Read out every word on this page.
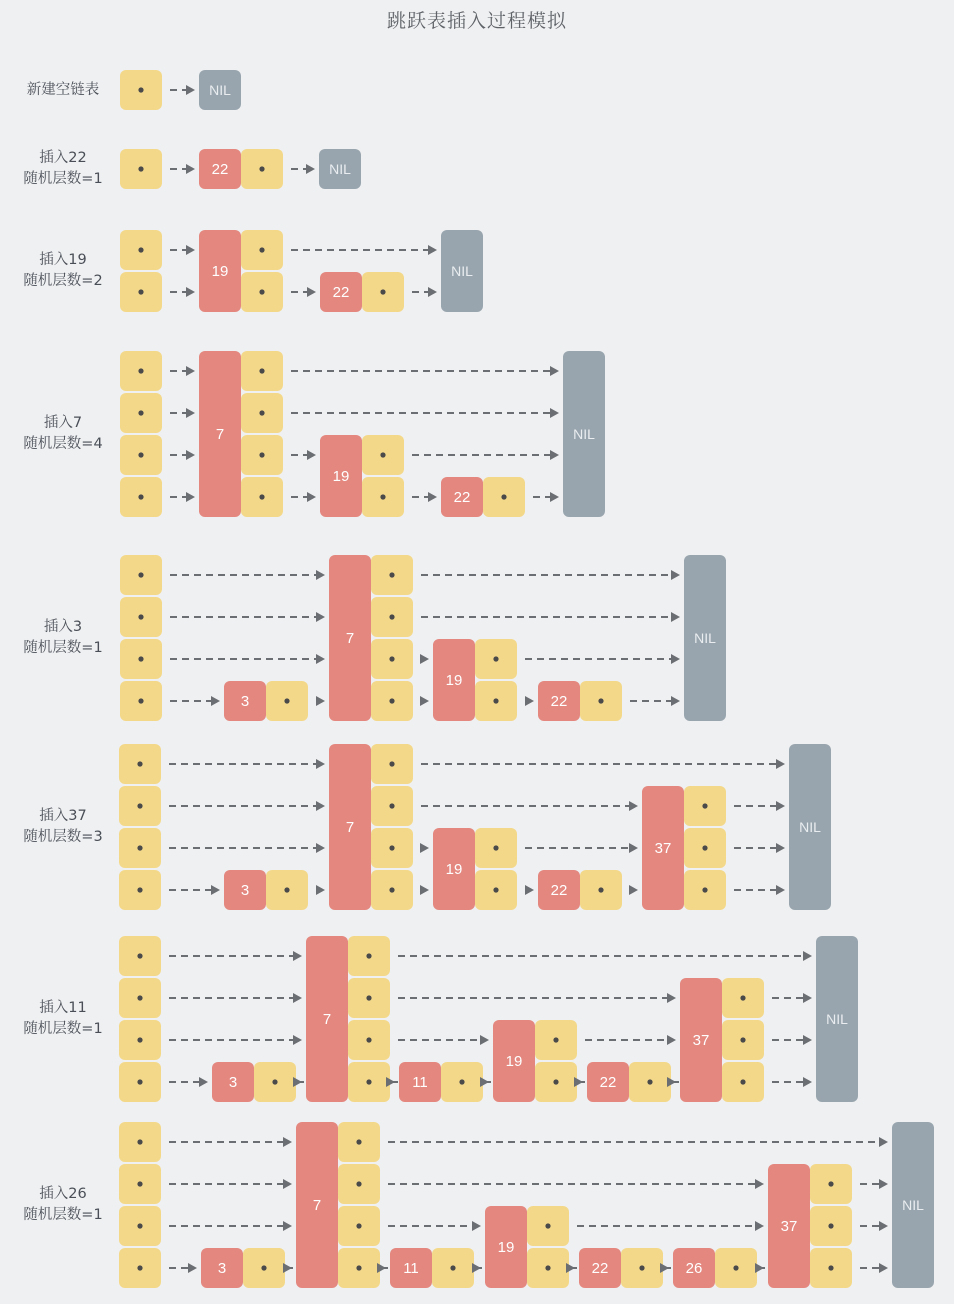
跳跃表插入过程模拟
NIL
22	NIL
19
22
NIL
7
19
22
NIL
3
7
19
22
NIL
3
7
19
22
37
NIL
3
7
11
19
22
37
NIL
3
7
11
19
22	26
37
NIL
新建空链表
插入22
随机层数=1
插入19
随机层数=2
插入7
随机层数=4
插入3
随机层数=1
插入37
随机层数=3
插入11
随机层数=1
插入26
随机层数=1
